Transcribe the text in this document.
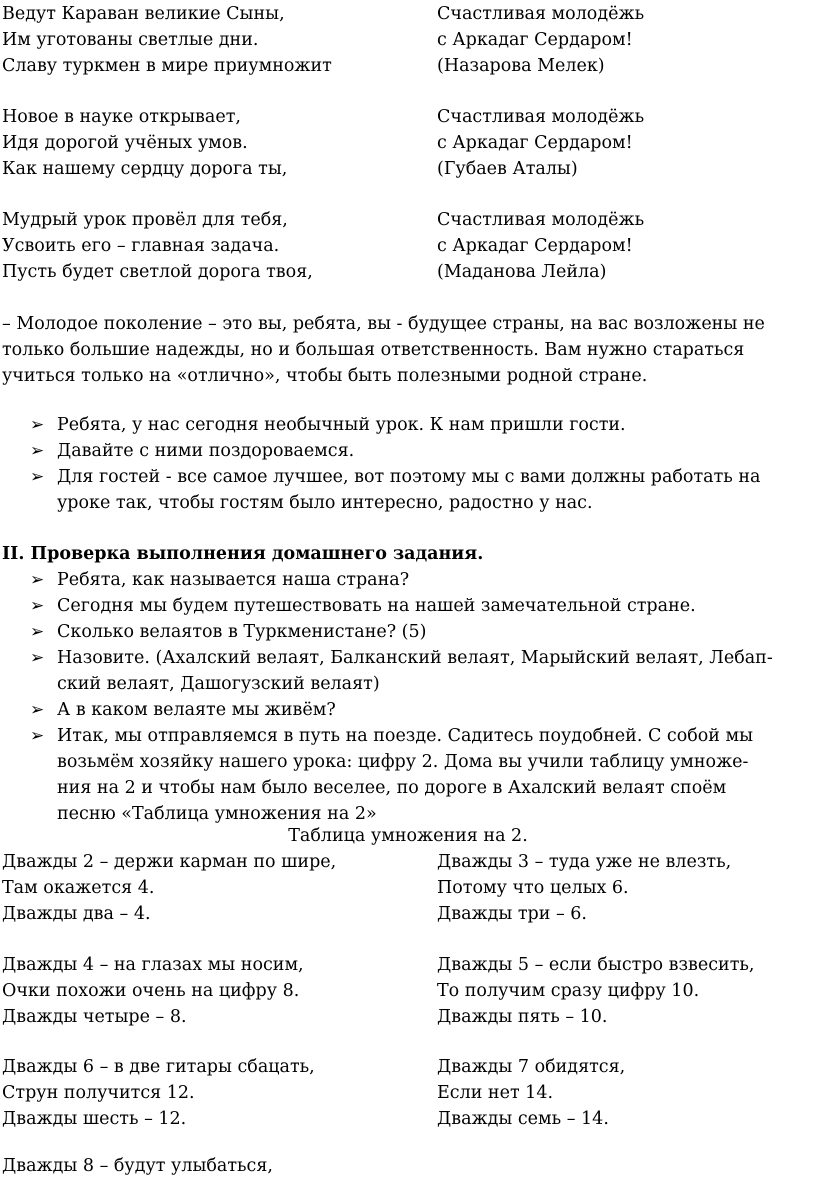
Ведут Караван великие Сыны,	Счастливая молодёжь
Им уготованы светлые дни.	с Аркадаг Сердаром!
Славу туркмен в мире приумножит	(Назарова Мелек)
Новое в науке открывает,	Счастливая молодёжь
Идя дорогой учёных умов.	с Аркадаг Сердаром!
Как нашему сердцу дорога ты,	(Губаев Аталы)
Мудрый урок провёл для тебя,	Счастливая молодёжь
Усвоить его – главная задача.	с Аркадаг Сердаром!
Пусть будет светлой дорога твоя,	(Маданова Лейла)
– Молодое поколение – это вы, ребята, вы - будущее страны, на вас возложены не
только большие надежды, но и большая ответственность. Вам нужно стараться
учиться только на «отлично», чтобы быть полезными родной стране.
➢ Ребята, у нас сегодня необычный урок. К нам пришли гости.
➢ Давайте с ними поздороваемся.
➢ Для гостей - все самое лучшее, вот поэтому мы с вами должны работать на
уроке так, чтобы гостям было интересно, радостно у нас.
II. Проверка выполнения домашнего задания.
➢ Ребята, как называется наша страна?
➢ Сегодня мы будем путешествовать на нашей замечательной стране.
➢ Сколько велаятов в Туркменистане? (5)
➢ Назовите. (Ахалский велаят, Балканский велаят, Марыйский велаят, Лебап-
ский велаят, Дашогузский велаят)
➢ А в каком велаяте мы живём?
➢ Итак, мы отправляемся в путь на поезде. Садитесь поудобней. С собой мы
возьмём хозяйку нашего урока: цифру 2. Дома вы учили таблицу умноже-
ния на 2 и чтобы нам было веселее, по дороге в Ахалский велаят споём
песню «Таблица умножения на 2»
Таблица умножения на 2.
Дважды 2 – держи карман по шире,	Дважды 3 – туда уже не влезть,
Там окажется 4.	Потому что целых 6.
Дважды два – 4.	Дважды три – 6.
Дважды 4 – на глазах мы носим,	Дважды 5 – если быстро взвесить,
Очки похожи очень на цифру 8.	То получим сразу цифру 10.
Дважды четыре – 8.	Дважды пять – 10.
Дважды 6 – в две гитары сбацать,	Дважды 7 обидятся,
Струн получится 12.	Если нет 14.
Дважды шесть – 12.	Дважды семь – 14.
Дважды 8 – будут улыбаться,
